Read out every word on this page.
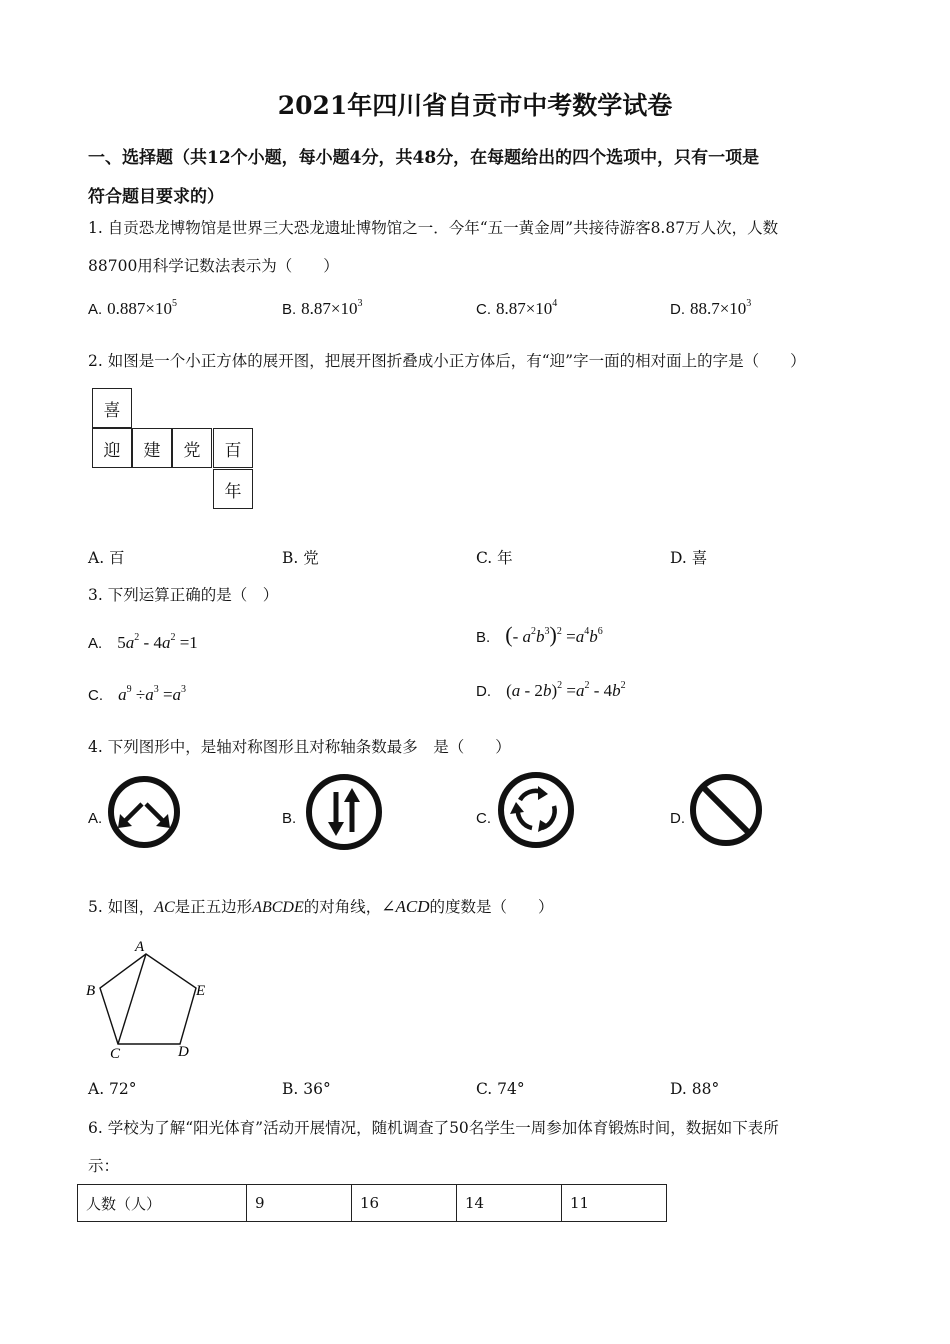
2021年四川省自贡市中考数学试卷
一、选择题（共12个小题，每小题4分，共48分，在每题给出的四个选项中，只有一项是
符合题目要求的）
1. 自贡恐龙博物馆是世界三大恐龙遗址博物馆之一．今年“五一黄金周”共接待游客8.87万人次，人数
88700用科学记数法表示为（　　）
A. $0.887\times 10^5$	B. $8.87\times 10^3$	C. $8.87\times 10^4$	D. $88.7\times 10^3$
2. 如图是一个小正方体的展开图，把展开图折叠成小正方体后，有“迎”字一面的相对面上的字是（　　）
喜
迎	建	党	百
年
A. 百	B. 党	C. 年	D. 喜
3. 下列运算正确的是（　）
A. $5a^2 - 4a^2 =1$	B. (- $a^2b^3)^2 =a^4b^6$
C. $a^9 \div a^3 =a^3$	D. $(a - 2b)^2 =a^2 - 4b^2$
4. 下列图形中，是轴对称图形且对称轴条数最多　是（　　）
A.	B.	C.	D.
5. 如图，AC是正五边形ABCDE的对角线，∠ACD的度数是（　　）
A
B
C	D
E
A. 72°	B. 36°	C. 74°	D. 88°
6. 学校为了解“阳光体育”活动开展情况，随机调查了50名学生一周参加体育锻炼时间，数据如下表所
示：
人数（人）	9	16	14	11
